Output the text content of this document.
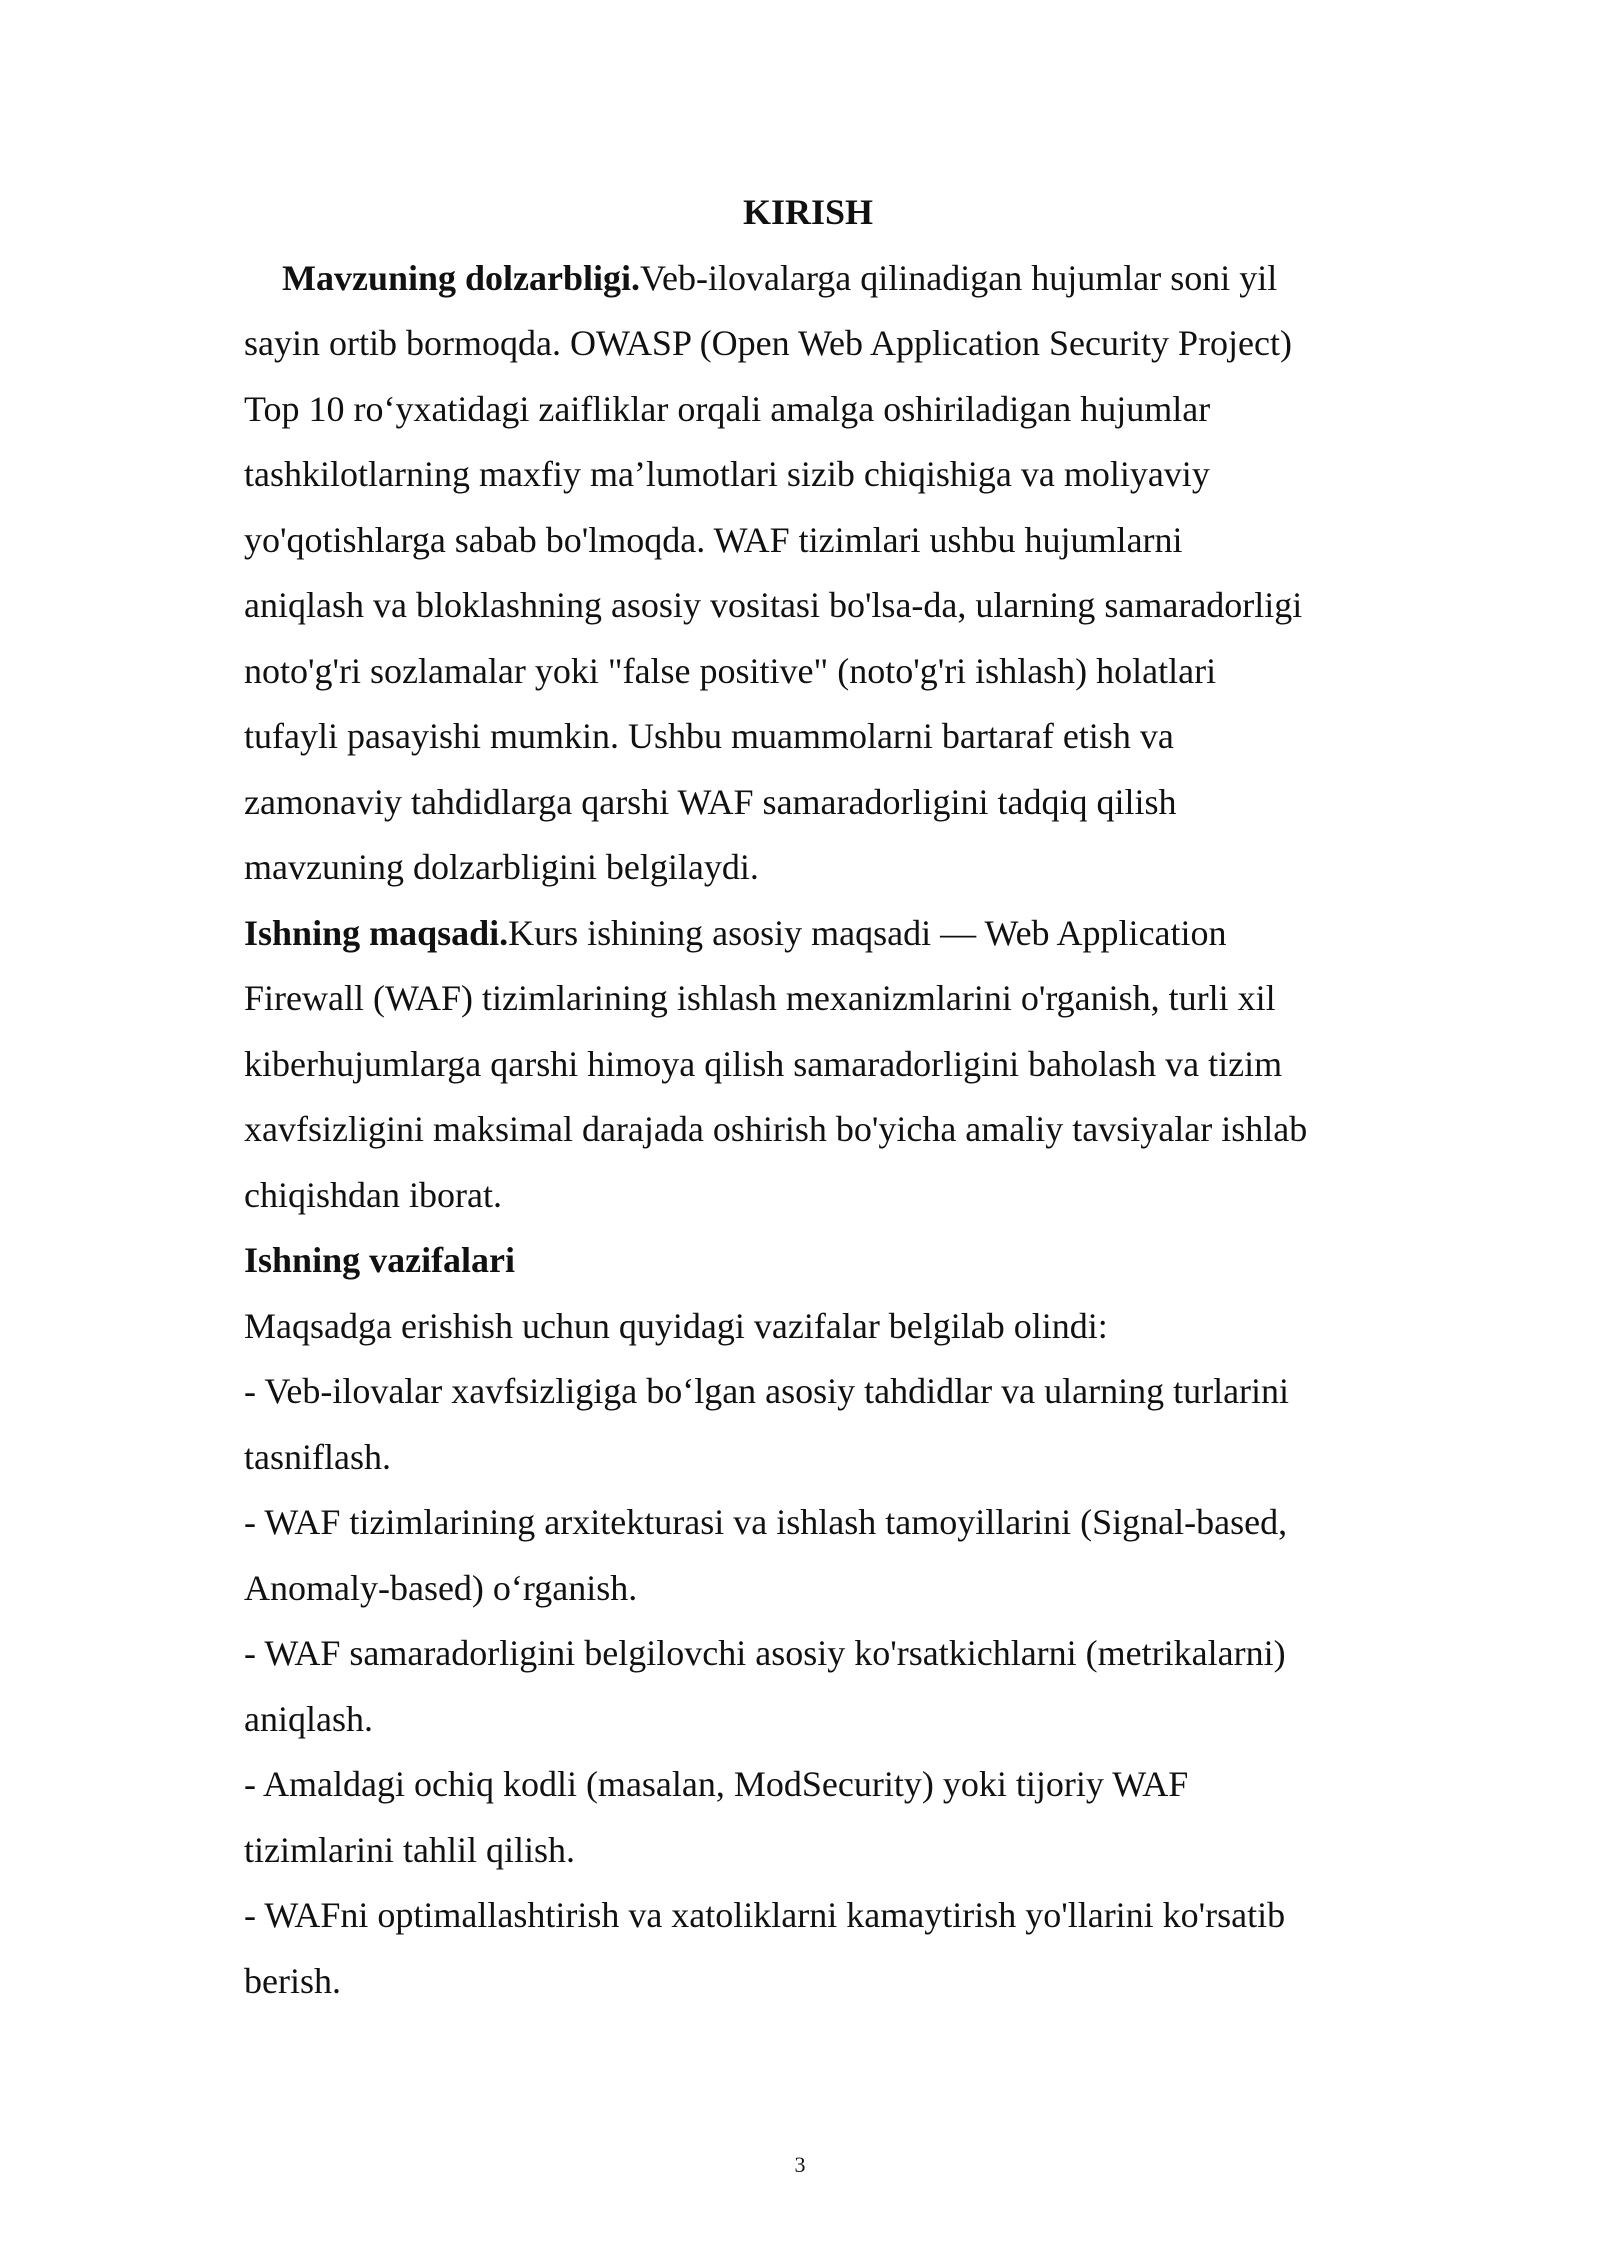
KIRISH

Mavzuning dolzarbligi.Veb-ilovalarga qilinadigan hujumlar soni yil

sayin ortib bormoqda. OWASP (Open Web Application Security Project)

Top 10 ro‘yxatidagi zaifliklar orqali amalga oshiriladigan hujumlar

tashkilotlarning maxfiy ma’lumotlari sizib chiqishiga va moliyaviy

yo'qotishlarga sabab bo'lmoqda. WAF tizimlari ushbu hujumlarni

aniqlash va bloklashning asosiy vositasi bo'lsa-da, ularning samaradorligi

noto'g'ri sozlamalar yoki "false positive" (noto'g'ri ishlash) holatlari

tufayli pasayishi mumkin. Ushbu muammolarni bartaraf etish va

zamonaviy tahdidlarga qarshi WAF samaradorligini tadqiq qilish

mavzuning dolzarbligini belgilaydi.

Ishning maqsadi.Kurs ishining asosiy maqsadi — Web Application

Firewall (WAF) tizimlarining ishlash mexanizmlarini o'rganish, turli xil

kiberhujumlarga qarshi himoya qilish samaradorligini baholash va tizim

xavfsizligini maksimal darajada oshirish bo'yicha amaliy tavsiyalar ishlab

chiqishdan iborat.

Ishning vazifalari

Maqsadga erishish uchun quyidagi vazifalar belgilab olindi:

- Veb-ilovalar xavfsizligiga bo‘lgan asosiy tahdidlar va ularning turlarini

tasniflash.

- WAF tizimlarining arxitekturasi va ishlash tamoyillarini (Signal-based,

Anomaly-based) o‘rganish.

- WAF samaradorligini belgilovchi asosiy ko'rsatkichlarni (metrikalarni)

aniqlash.

- Amaldagi ochiq kodli (masalan, ModSecurity) yoki tijoriy WAF

tizimlarini tahlil qilish.

- WAFni optimallashtirish va xatoliklarni kamaytirish yo'llarini ko'rsatib

berish.

3
